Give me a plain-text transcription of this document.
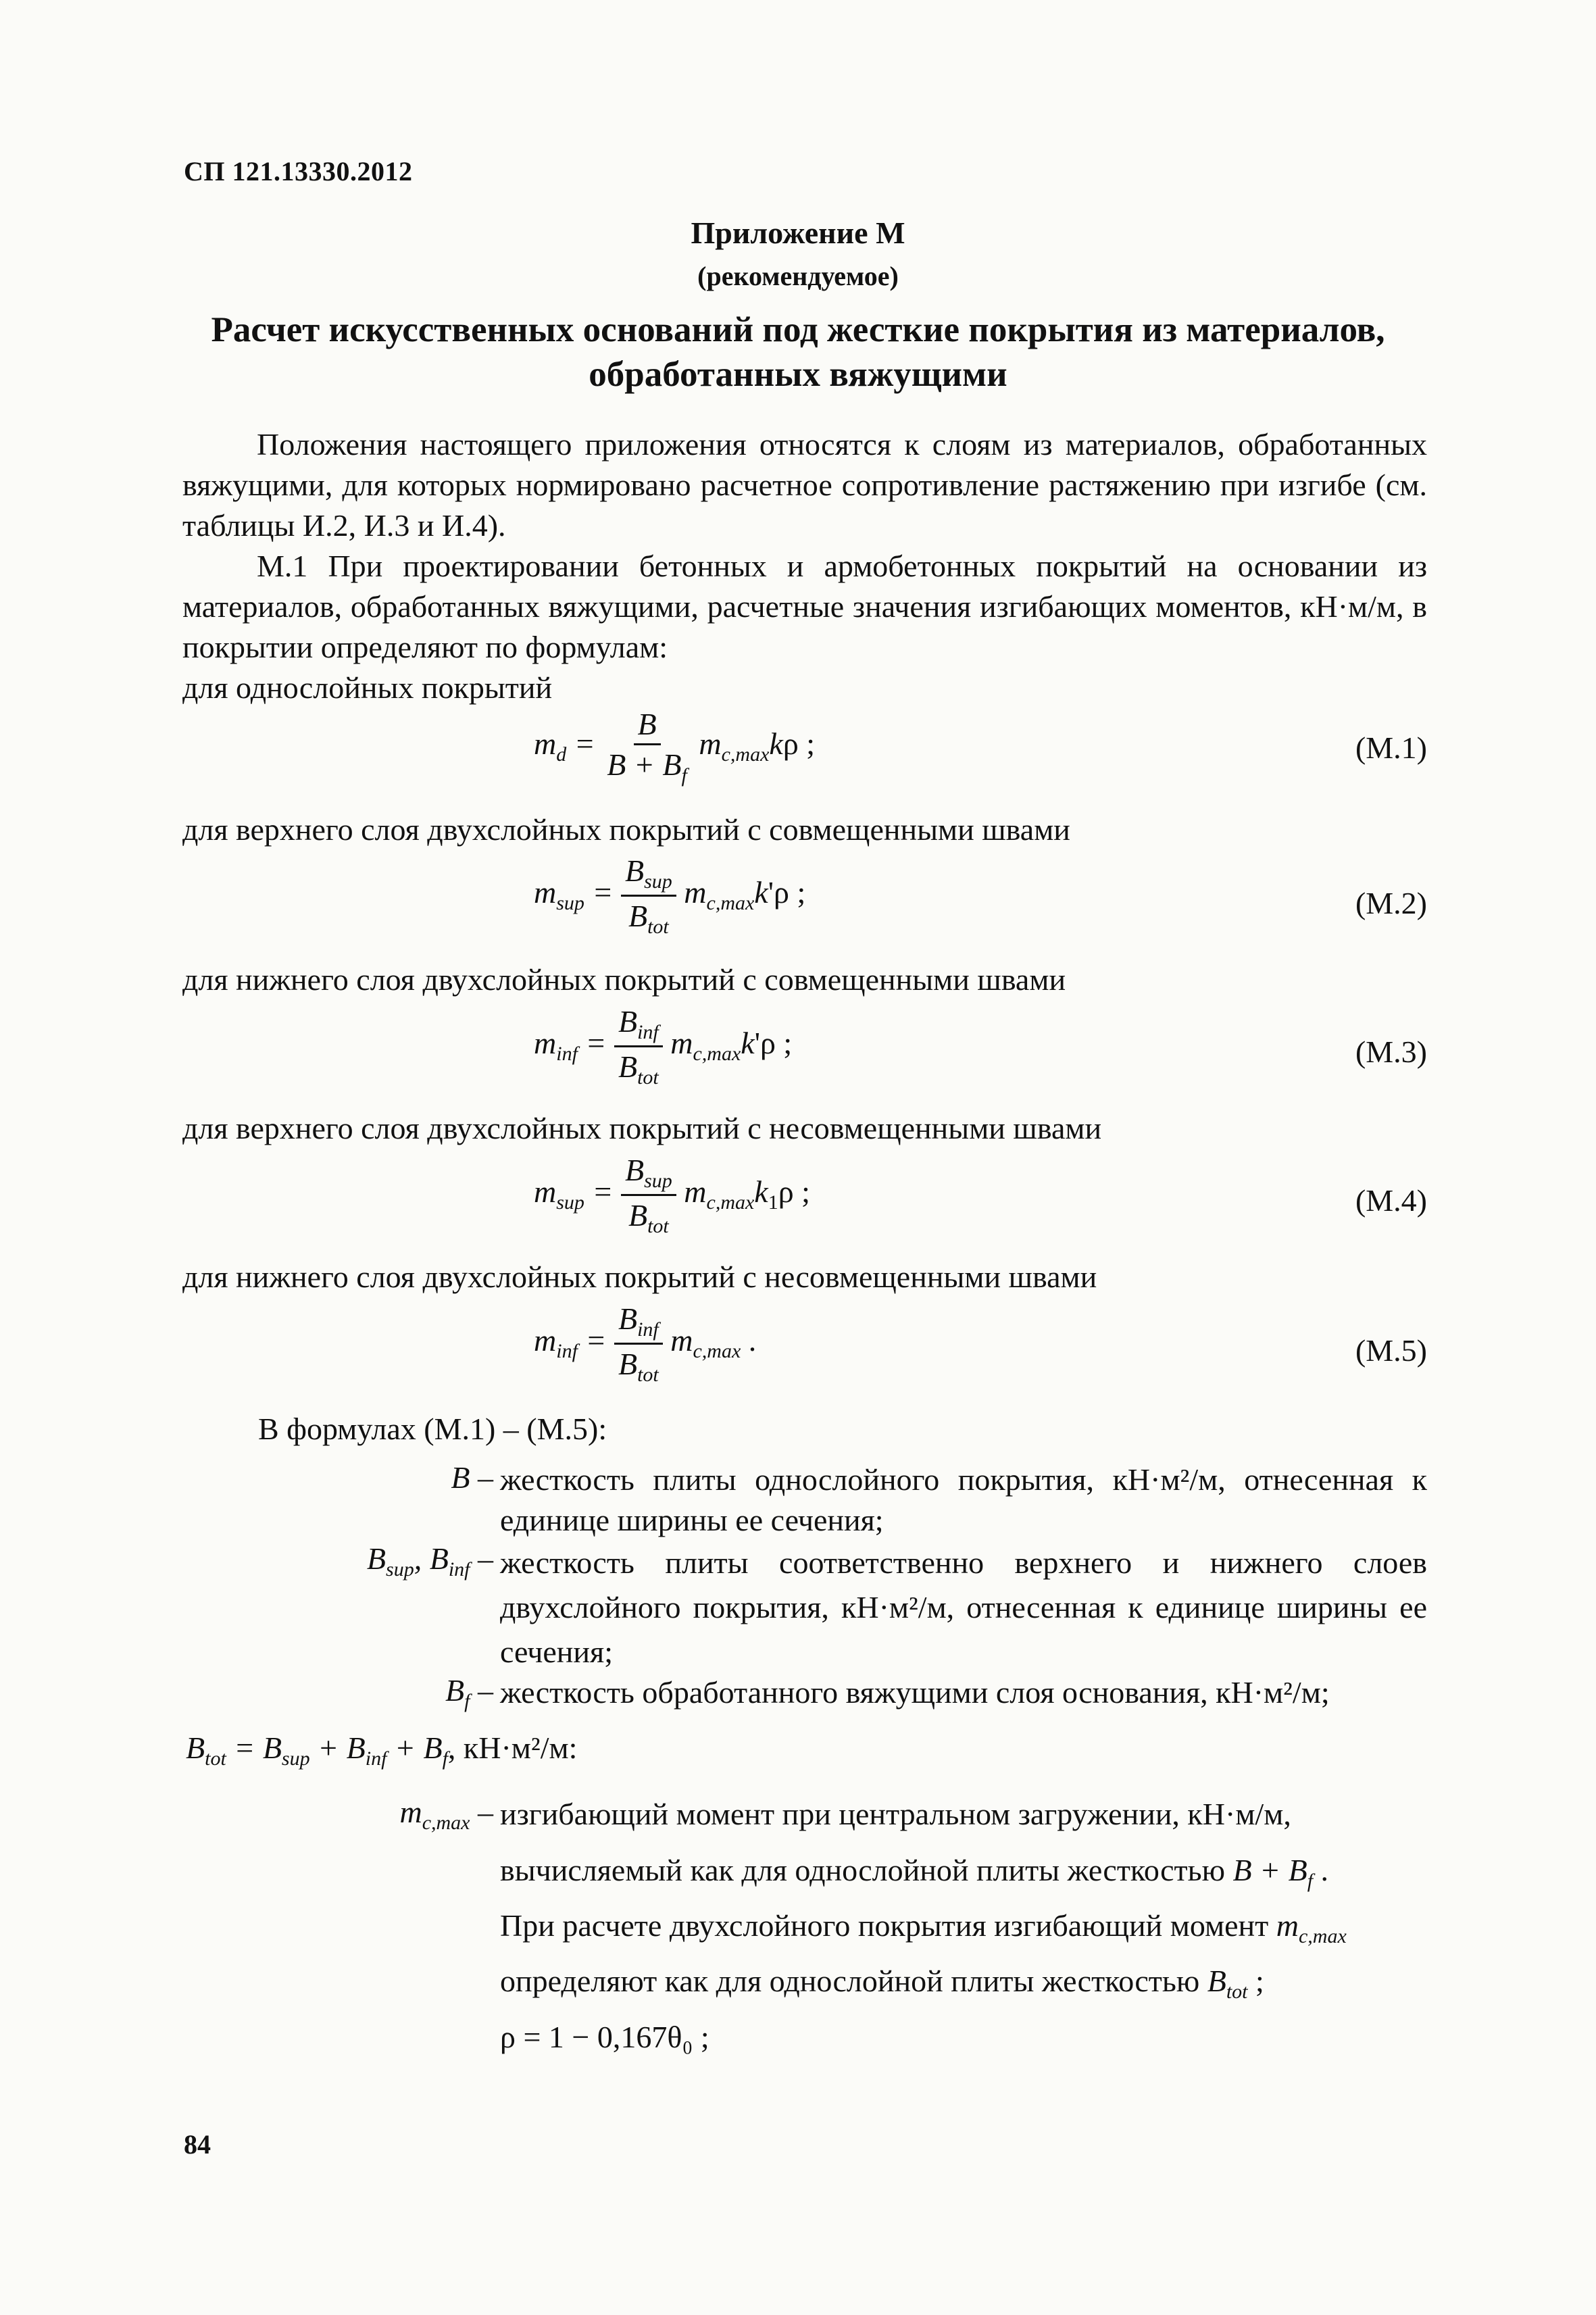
СП 121.13330.2012
Приложение М
(рекомендуемое)
Расчет искусственных оснований под жесткие покрытия из материалов,
обработанных вяжущими
Положения настоящего приложения относятся к слоям из материалов, обработанных вяжущими, для которых нормировано расчетное сопротивление растяжению при изгибе (см. таблицы И.2, И.3 и И.4).
М.1 При проектировании бетонных и армобетонных покрытий на основании из материалов, обработанных вяжущими, расчетные значения изгибающих моментов, кН·м/м, в покрытии определяют по формулам:
для однослойных покрытий
$m_d = \frac{B}{B + B_f} m_{c,max}k\rho$ ;	(М.1)
для верхнего слоя двухслойных покрытий с совмещенными швами
$m_{sup} = \frac{B_{sup}}{B_{tot}} m_{c,max}k'\rho$ ;	(М.2)
для нижнего слоя двухслойных покрытий с совмещенными швами
$m_{inf} = \frac{B_{inf}}{B_{tot}} m_{c,max}k'\rho$ ;	(М.3)
для верхнего слоя двухслойных покрытий с несовмещенными швами
$m_{sup} = \frac{B_{sup}}{B_{tot}} m_{c,max}k_1\rho$ ;	(М.4)
для нижнего слоя двухслойных покрытий с несовмещенными швами
$m_{inf} = \frac{B_{inf}}{B_{tot}} m_{c,max}$ .	(М.5)
В формулах (М.1) – (М.5):
B – жесткость плиты однослойного покрытия, кН·м²/м, отнесенная к единице ширины ее сечения;
$B_{sup}$, $B_{inf}$ – жесткость плиты соответственно верхнего и нижнего слоев двухслойного покрытия, кН·м²/м, отнесенная к единице ширины ее сечения;
$B_f$ – жесткость обработанного вяжущими слоя основания, кН·м²/м;
$B_{tot} = B_{sup} + B_{inf} + B_f$, кН·м²/м:
$m_{c,max}$ – изгибающий момент при центральном загружении, кН·м/м,
вычисляемый как для однослойной плиты жесткостью $B + B_f$ .
При расчете двухслойного покрытия изгибающий момент $m_{c,max}$
определяют как для однослойной плиты жесткостью $B_{tot}$ ;
ρ = 1 − 0,167θ₀ ;
84
